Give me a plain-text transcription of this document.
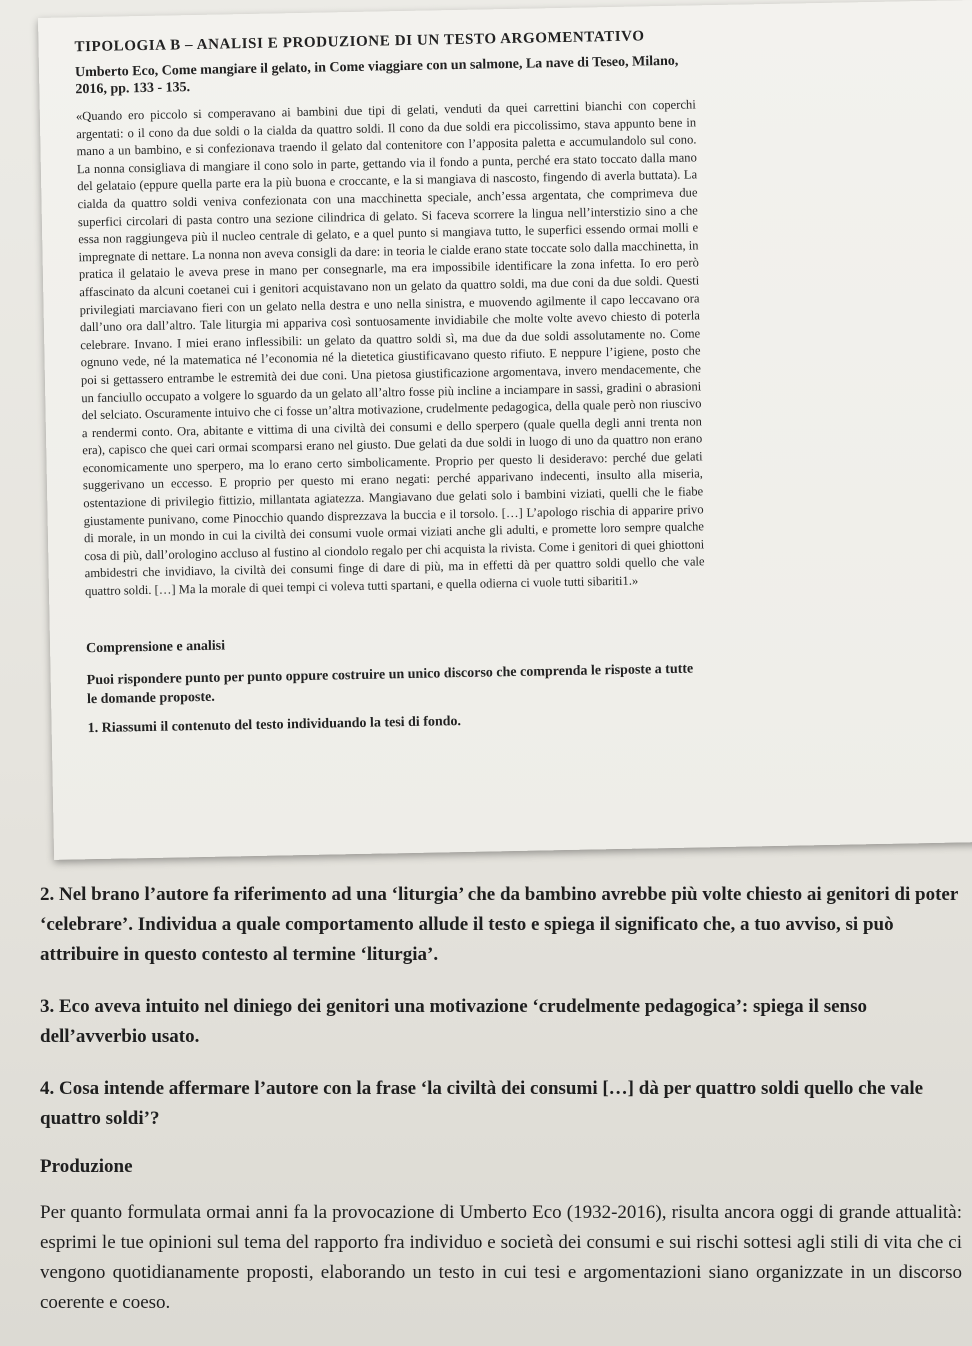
2. Nel brano l’autore fa riferimento ad una ‘liturgia’ che da bambino avrebbe più volte chiesto ai genitori di poter ‘celebrare’. Individua a quale comportamento allude il testo e spiega il significato che, a tuo avviso, si può attribuire in questo contesto al termine ‘liturgia’.

3. Eco aveva intuito nel diniego dei genitori una motivazione ‘crudelmente pedagogica’: spiega il senso dell’avverbio usato.

4. Cosa intende affermare l’autore con la frase ‘la civiltà dei consumi […] dà per quattro soldi quello che vale quattro soldi’?

Produzione

Per quanto formulata ormai anni fa la provocazione di Umberto Eco (1932-2016), risulta ancora oggi di grande attualità: esprimi le tue opinioni sul tema del rapporto fra individuo e società dei consumi e sui rischi sottesi agli stili di vita che ci vengono quotidianamente proposti, elaborando un testo in cui tesi e argomentazioni siano organizzate in un discorso coerente e coeso.

TIPOLOGIA B – ANALISI E PRODUZIONE DI UN TESTO ARGOMENTATIVO
Umberto Eco, Come mangiare il gelato, in Come viaggiare con un salmone, La nave di Teseo, Milano, 2016, pp. 133 - 135.

«Quando ero piccolo si comperavano ai bambini due tipi di gelati, venduti da quei carrettini bianchi con coperchi argentati: o il cono da due soldi o la cialda da quattro soldi. Il cono da due soldi era piccolissimo, stava appunto bene in mano a un bambino, e si confezionava traendo il gelato dal contenitore con l’apposita paletta e accumulandolo sul cono. La nonna consigliava di mangiare il cono solo in parte, gettando via il fondo a punta, perché era stato toccato dalla mano del gelataio (eppure quella parte era la più buona e croccante, e la si mangiava di nascosto, fingendo di averla buttata). La cialda da quattro soldi veniva confezionata con una macchinetta speciale, anch’essa argentata, che comprimeva due superfici circolari di pasta contro una sezione cilindrica di gelato. Si faceva scorrere la lingua nell’interstizio sino a che essa non raggiungeva più il nucleo centrale di gelato, e a quel punto si mangiava tutto, le superfici essendo ormai molli e impregnate di nettare. La nonna non aveva consigli da dare: in teoria le cialde erano state toccate solo dalla macchinetta, in pratica il gelataio le aveva prese in mano per consegnarle, ma era impossibile identificare la zona infetta. Io ero però affascinato da alcuni coetanei cui i genitori acquistavano non un gelato da quattro soldi, ma due coni da due soldi. Questi privilegiati marciavano fieri con un gelato nella destra e uno nella sinistra, e muovendo agilmente il capo leccavano ora dall’uno ora dall’altro. Tale liturgia mi appariva così sontuosamente invidiabile che molte volte avevo chiesto di poterla celebrare. Invano. I miei erano inflessibili: un gelato da quattro soldi sì, ma due da due soldi assolutamente no. Come ognuno vede, né la matematica né l’economia né la dietetica giustificavano questo rifiuto. E neppure l’igiene, posto che poi si gettassero entrambe le estremità dei due coni. Una pietosa giustificazione argomentava, invero mendacemente, che un fanciullo occupato a volgere lo sguardo da un gelato all’altro fosse più incline a inciampare in sassi, gradini o abrasioni del selciato. Oscuramente intuivo che ci fosse un’altra motivazione, crudelmente pedagogica, della quale però non riuscivo a rendermi conto. Ora, abitante e vittima di una civiltà dei consumi e dello sperpero (quale quella degli anni trenta non era), capisco che quei cari ormai scomparsi erano nel giusto. Due gelati da due soldi in luogo di uno da quattro non erano economicamente uno sperpero, ma lo erano certo simbolicamente. Proprio per questo li desideravo: perché due gelati suggerivano un eccesso. E proprio per questo mi erano negati: perché apparivano indecenti, insulto alla miseria, ostentazione di privilegio fittizio, millantata agiatezza. Mangiavano due gelati solo i bambini viziati, quelli che le fiabe giustamente punivano, come Pinocchio quando disprezzava la buccia e il torsolo. […] L’apologo rischia di apparire privo di morale, in un mondo in cui la civiltà dei consumi vuole ormai viziati anche gli adulti, e promette loro sempre qualche cosa di più, dall’orologino accluso al fustino al ciondolo regalo per chi acquista la rivista. Come i genitori di quei ghiottoni ambidestri che invidiavo, la civiltà dei consumi finge di dare di più, ma in effetti dà per quattro soldi quello che vale quattro soldi. […] Ma la morale di quei tempi ci voleva tutti spartani, e quella odierna ci vuole tutti sibariti1.»

Comprensione e analisi
Puoi rispondere punto per punto oppure costruire un unico discorso che comprenda le risposte a tutte le domande proposte.
1. Riassumi il contenuto del testo individuando la tesi di fondo.
